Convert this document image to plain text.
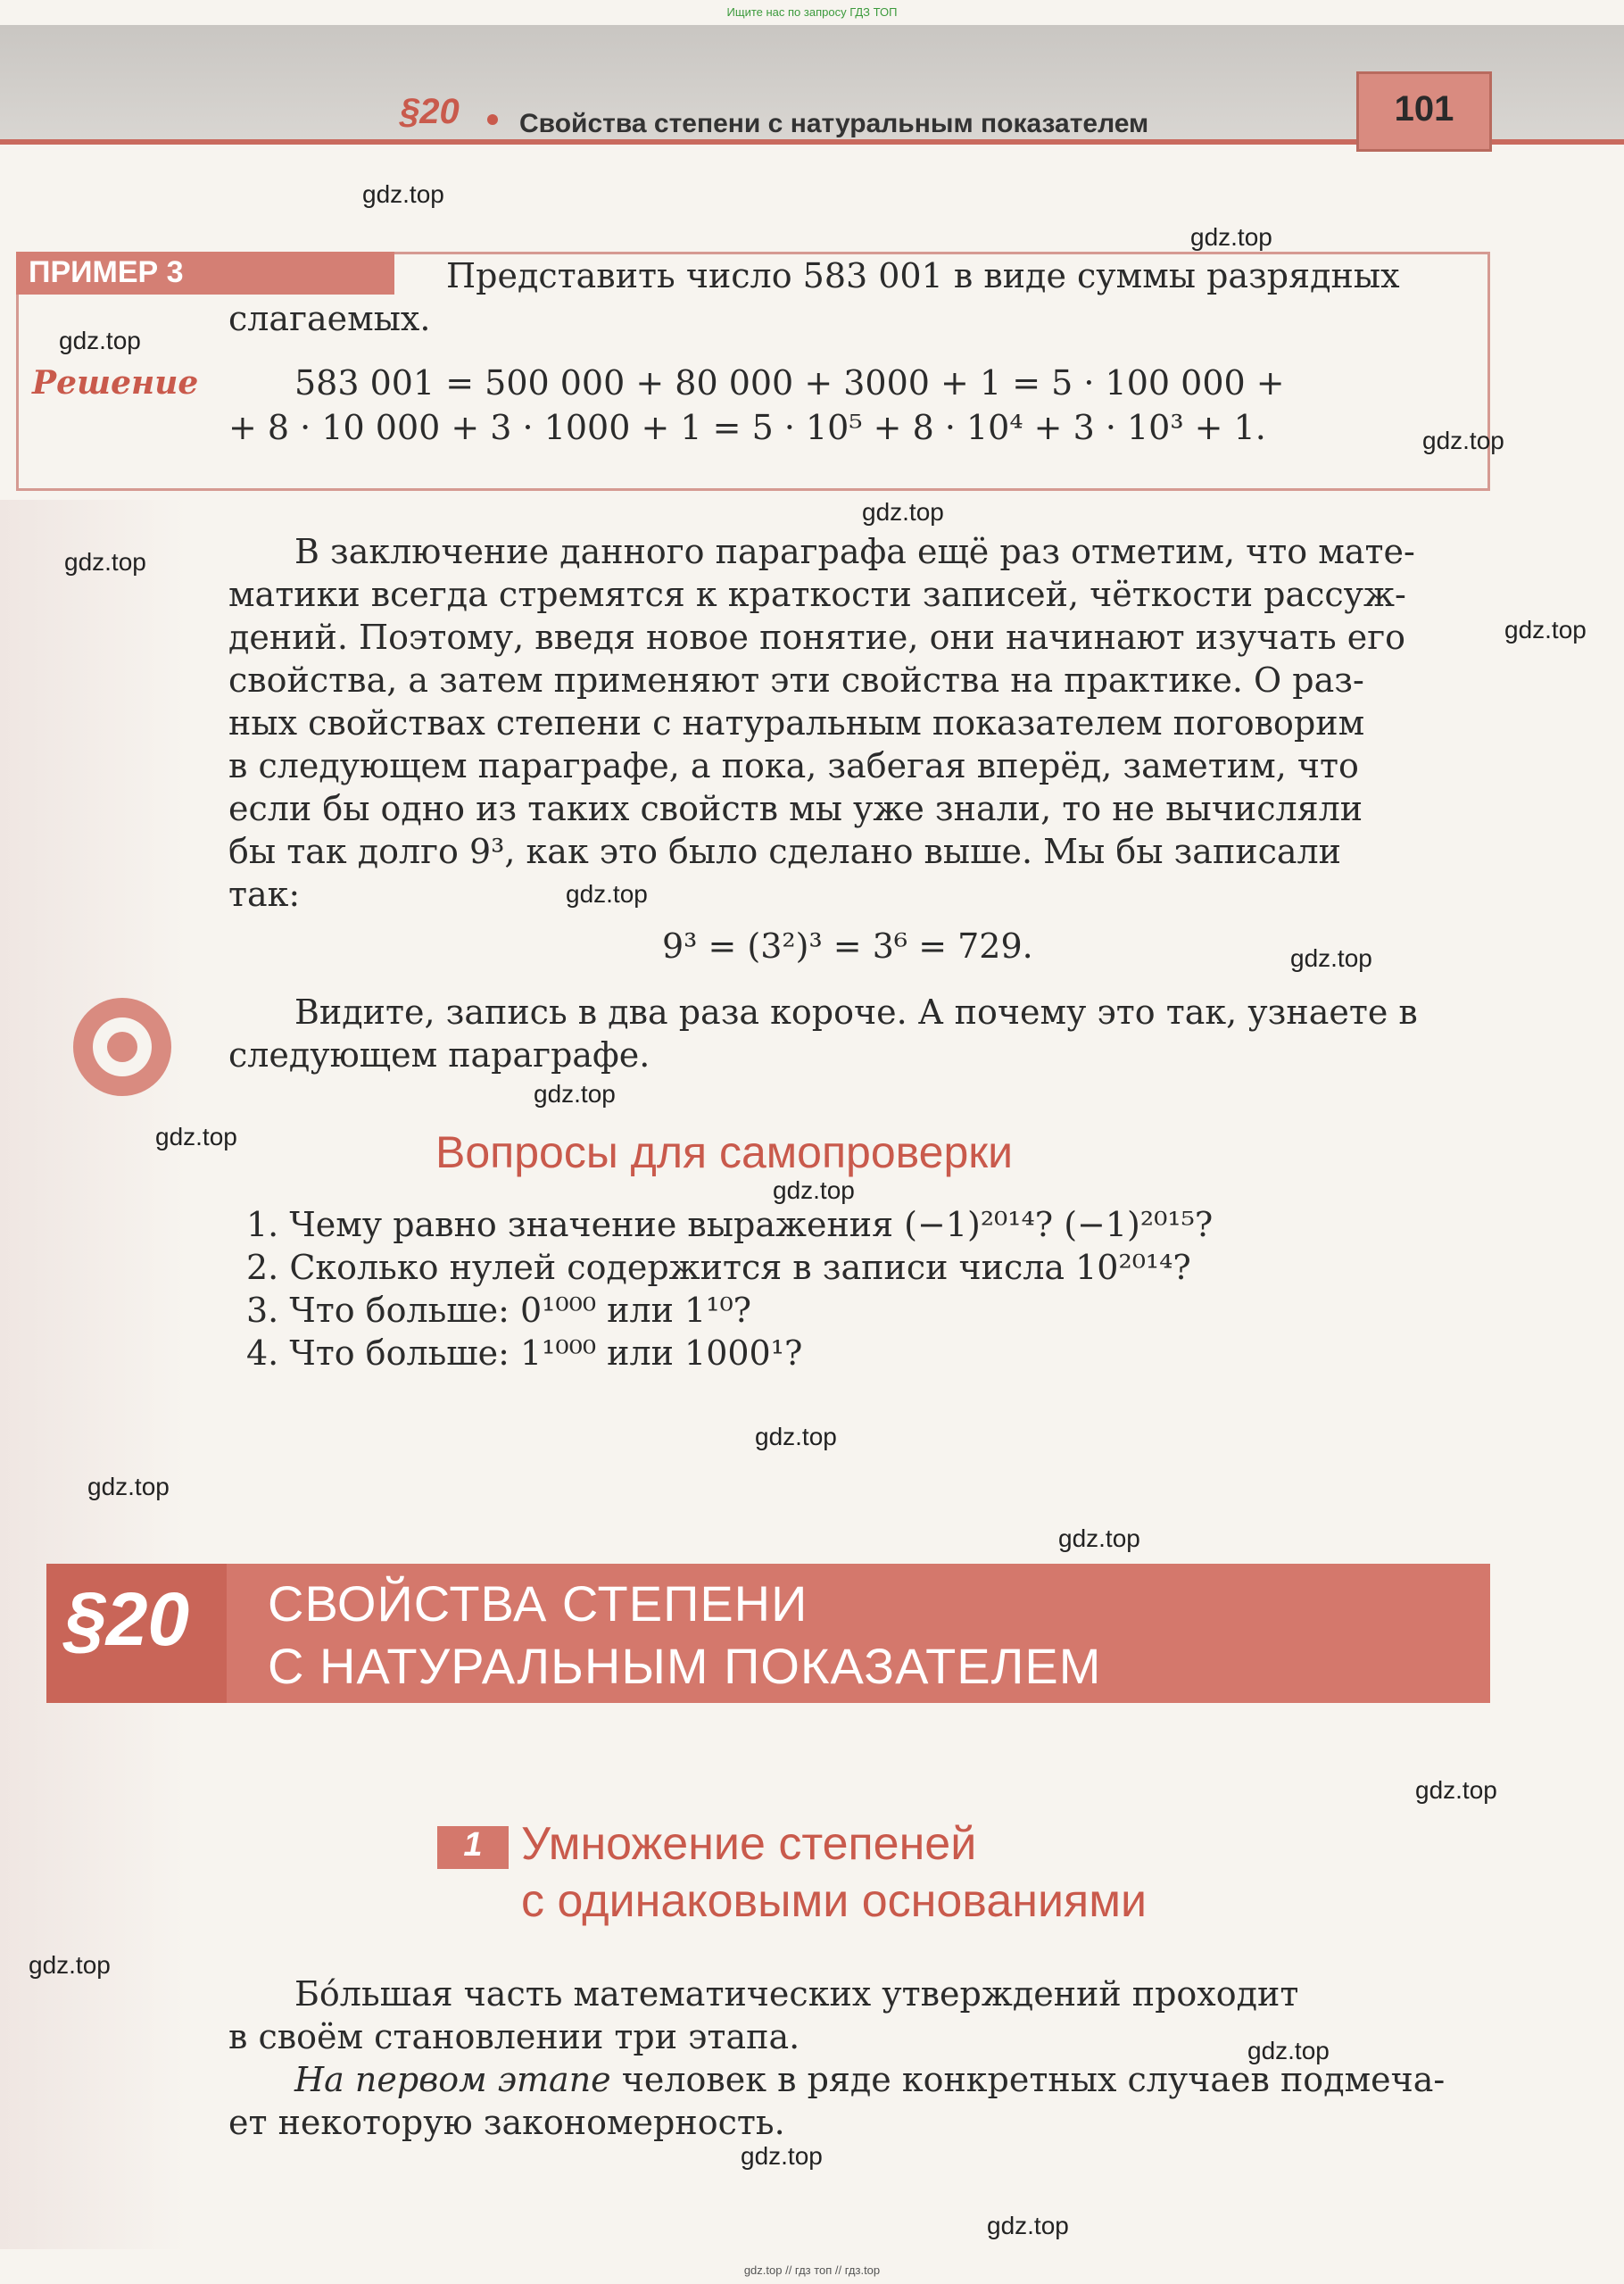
Ищите нас по запросу ГДЗ ТОП
§20 Свойства степени с натуральным показателем	101
ПРИМЕР 3	Представить число 583 001 в виде суммы разрядных
слагаемых.
Решение	583 001 = 500 000 + 80 000 + 3000 + 1 = 5 · 100 000 +
+ 8 · 10 000 + 3 · 1000 + 1 = 5 · 10⁵ + 8 · 10⁴ + 3 · 10³ + 1.
В заключение данного параграфа ещё раз отметим, что мате-
матики всегда стремятся к краткости записей, чёткости рассуж-
дений. Поэтому, введя новое понятие, они начинают изучать его
свойства, а затем применяют эти свойства на практике. О раз-
ных свойствах степени с натуральным показателем поговорим
в следующем параграфе, а пока, забегая вперёд, заметим, что
если бы одно из таких свойств мы уже знали, то не вычисляли
бы так долго 9³, как это было сделано выше. Мы бы записали
так:
9³ = (3²)³ = 3⁶ = 729.
Видите, запись в два раза короче. А почему это так, узнаете в
следующем параграфе.
Вопросы для самопроверки
1. Чему равно значение выражения (−1)²⁰¹⁴? (−1)²⁰¹⁵?
2. Сколько нулей содержится в записи числа 10²⁰¹⁴?
3. Что больше: 0¹⁰⁰⁰ или 1¹⁰?
4. Что больше: 1¹⁰⁰⁰ или 1000¹?
§20 СВОЙСТВА СТЕПЕНИ
С НАТУРАЛЬНЫМ ПОКАЗАТЕЛЕМ
1 Умножение степеней
с одинаковыми основаниями
Бо́льшая часть математических утверждений проходит
в своём становлении три этапа.
На первом этапе человек в ряде конкретных случаев подмеча-
ет некоторую закономерность.
gdz.top
gdz.top
gdz.top
gdz.top
gdz.top
gdz.top
gdz.top
gdz.top
gdz.top
gdz.top
gdz.top
gdz.top
gdz.top
gdz.top
gdz.top
gdz.top
gdz.top
gdz.top
gdz.top
gdz.top
gdz.top // гдз топ // гдз.top
